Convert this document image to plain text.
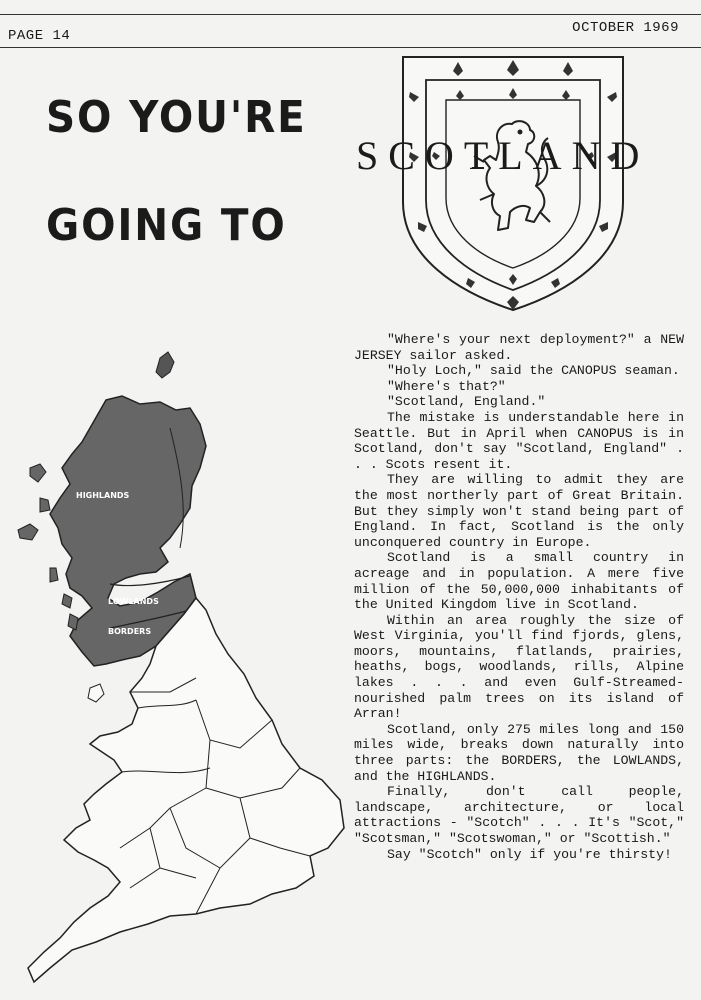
PAGE 14	OCTOBER 1969
SO YOU'RE
GOING TO
SCOTLAND
HIGHLANDS
LOWLANDS
BORDERS

"Where's your next deployment?" a NEW JERSEY sailor asked.

"Holy Loch," said the CANOPUS seaman.

"Where's that?"

"Scotland, England."

The mistake is understandable here in Seattle. But in April when CANOPUS is in Scotland, don't say "Scotland, England" . . . Scots resent it.

They are willing to admit they are the most northerly part of Great Britain. But they simply won't stand being part of England. In fact, Scotland is the only unconquered country in Europe.

Scotland is a small country in acreage and in population. A mere five million of the 50,000,000 inhabitants of the United Kingdom live in Scotland.

Within an area roughly the size of West Virginia, you'll find fjords, glens, moors, mountains, flatlands, prairies, heaths, bogs, woodlands, rills, Alpine lakes . . . and even Gulf-Streamed-nourished palm trees on its island of Arran!

Scotland, only 275 miles long and 150 miles wide, breaks down naturally into three parts: the BORDERS, the LOWLANDS, and the HIGHLANDS.

Finally, don't call people, landscape, architecture, or local attractions - "Scotch" . . . It's "Scot," "Scotsman," "Scotswoman," or "Scottish."

Say "Scotch" only if you're thirsty!
